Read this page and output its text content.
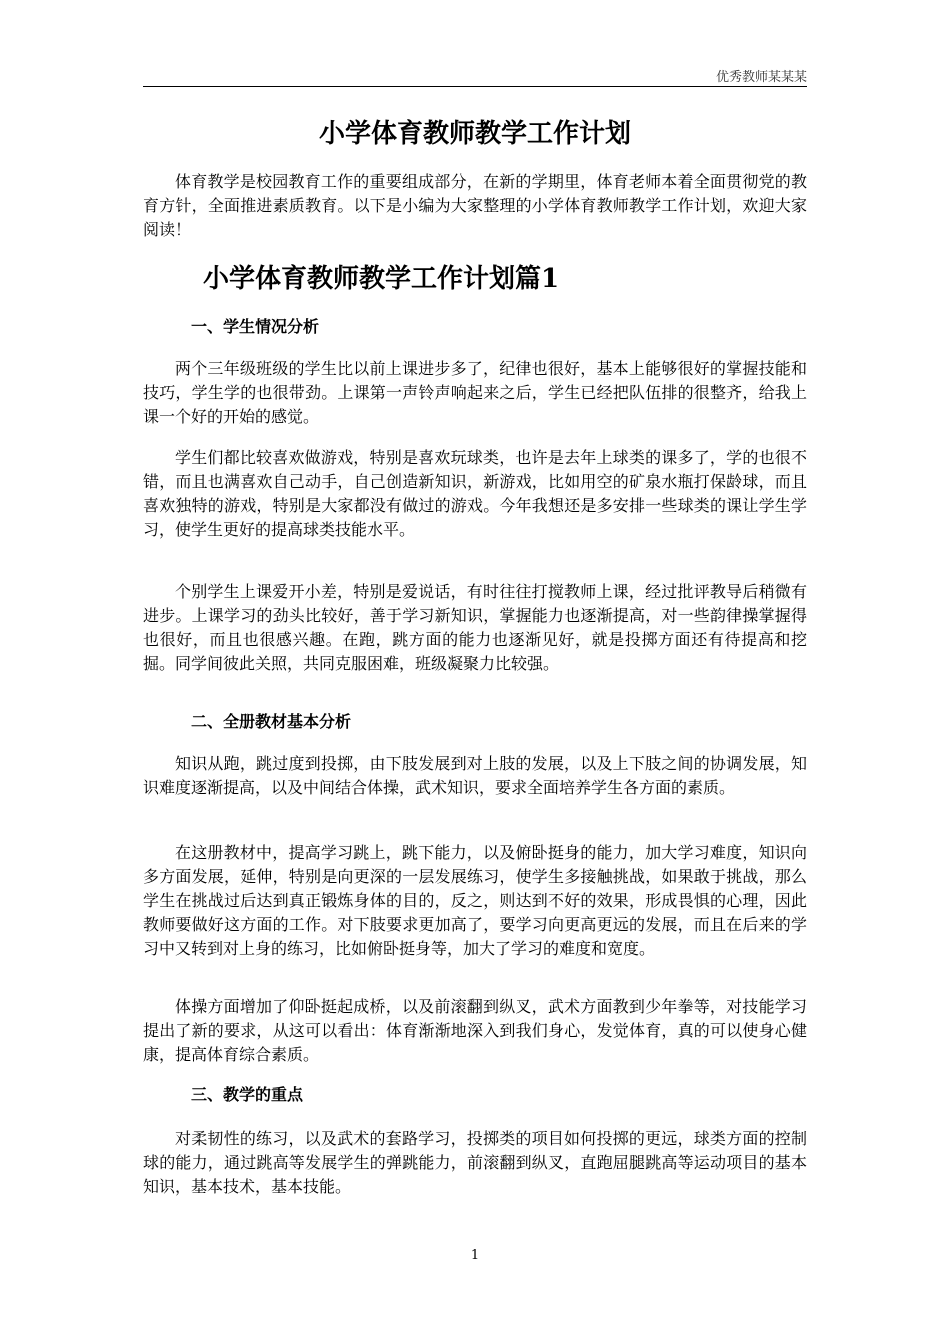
优秀教师某某某
小学体育教师教学工作计划

体育教学是校园教育工作的重要组成部分，在新的学期里，体育老师本着全面贯彻党的教育方针，全面推进素质教育。以下是小编为大家整理的小学体育教师教学工作计划，欢迎大家阅读！

小学体育教师教学工作计划篇1
一、学生情况分析

两个三年级班级的学生比以前上课进步多了，纪律也很好，基本上能够很好的掌握技能和技巧，学生学的也很带劲。上课第一声铃声响起来之后，学生已经把队伍排的很整齐，给我上课一个好的开始的感觉。

学生们都比较喜欢做游戏，特别是喜欢玩球类，也许是去年上球类的课多了，学的也很不错，而且也满喜欢自己动手，自己创造新知识，新游戏，比如用空的矿泉水瓶打保龄球，而且喜欢独特的游戏，特别是大家都没有做过的游戏。今年我想还是多安排一些球类的课让学生学习，使学生更好的提高球类技能水平。

个别学生上课爱开小差，特别是爱说话，有时往往打搅教师上课，经过批评教导后稍微有进步。上课学习的劲头比较好，善于学习新知识，掌握能力也逐渐提高，对一些韵律操掌握得也很好，而且也很感兴趣。在跑，跳方面的能力也逐渐见好，就是投掷方面还有待提高和挖掘。同学间彼此关照，共同克服困难，班级凝聚力比较强。

二、全册教材基本分析

知识从跑，跳过度到投掷，由下肢发展到对上肢的发展，以及上下肢之间的协调发展，知识难度逐渐提高，以及中间结合体操，武术知识，要求全面培养学生各方面的素质。

在这册教材中，提高学习跳上，跳下能力，以及俯卧挺身的能力，加大学习难度，知识向多方面发展，延伸，特别是向更深的一层发展练习，使学生多接触挑战，如果敢于挑战，那么学生在挑战过后达到真正锻炼身体的目的，反之，则达到不好的效果，形成畏惧的心理，因此教师要做好这方面的工作。对下肢要求更加高了，要学习向更高更远的发展，而且在后来的学习中又转到对上身的练习，比如俯卧挺身等，加大了学习的难度和宽度。

体操方面增加了仰卧挺起成桥，以及前滚翻到纵叉，武术方面教到少年拳等，对技能学习提出了新的要求，从这可以看出：体育渐渐地深入到我们身心，发觉体育，真的可以使身心健康，提高体育综合素质。

三、教学的重点

对柔韧性的练习，以及武术的套路学习，投掷类的项目如何投掷的更远，球类方面的控制球的能力，通过跳高等发展学生的弹跳能力，前滚翻到纵叉，直跑屈腿跳高等运动项目的基本知识，基本技术，基本技能。

1
